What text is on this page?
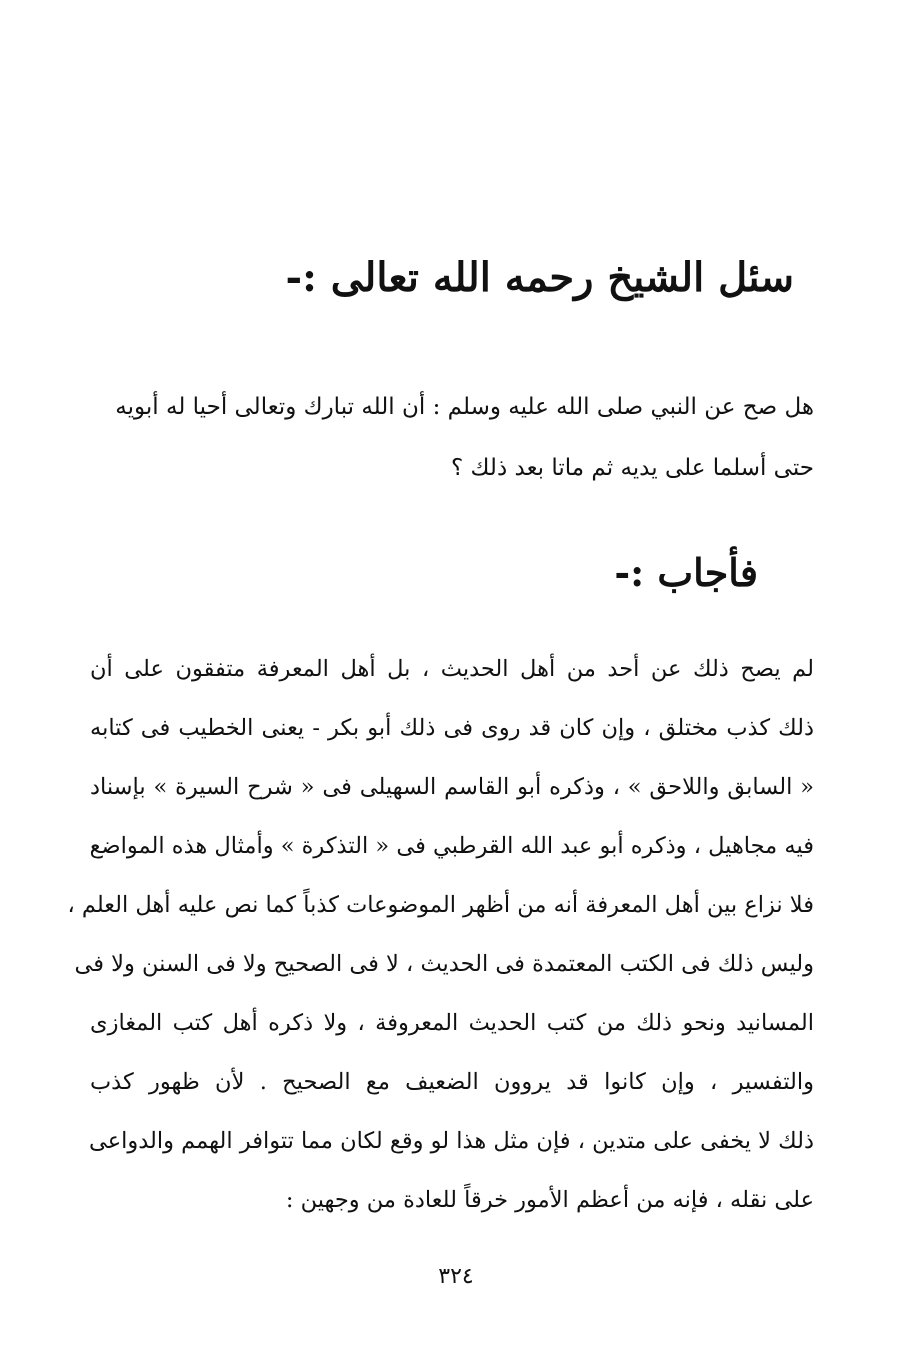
سئل الشيخ رحمه الله تعالى :-
هل صح عن النبي صلى الله عليه وسلم : أن الله تبارك وتعالى أحيا له أبويه
حتى أسلما على يديه ثم ماتا بعد ذلك ؟
فأجاب :-
لم يصح ذلك عن أحد من أهل الحديث ، بل أهل المعرفة متفقون على أن
ذلك كذب مختلق ، وإن كان قد روى فى ذلك أبو بكر - يعنى الخطيب فى كتابه
« السابق واللاحق » ، وذكره أبو القاسم السهيلى فى « شرح السيرة » بإسناد
فيه مجاهيل ، وذكره أبو عبد الله القرطبي فى « التذكرة » وأمثال هذه المواضع
فلا نزاع بين أهل المعرفة أنه من أظهر الموضوعات كذباً كما نص عليه أهل العلم ،
وليس ذلك فى الكتب المعتمدة فى الحديث ، لا فى الصحيح ولا فى السنن ولا فى
المسانيد ونحو ذلك من كتب الحديث المعروفة ، ولا ذكره أهل كتب المغازى
والتفسير ، وإن كانوا قد يروون الضعيف مع الصحيح . لأن ظهور كذب
ذلك لا يخفى على متدين ، فإن مثل هذا لو وقع لكان مما تتوافر الهمم والدواعى
على نقله ، فإنه من أعظم الأمور خرقاً للعادة من وجهين :
٣٢٤
